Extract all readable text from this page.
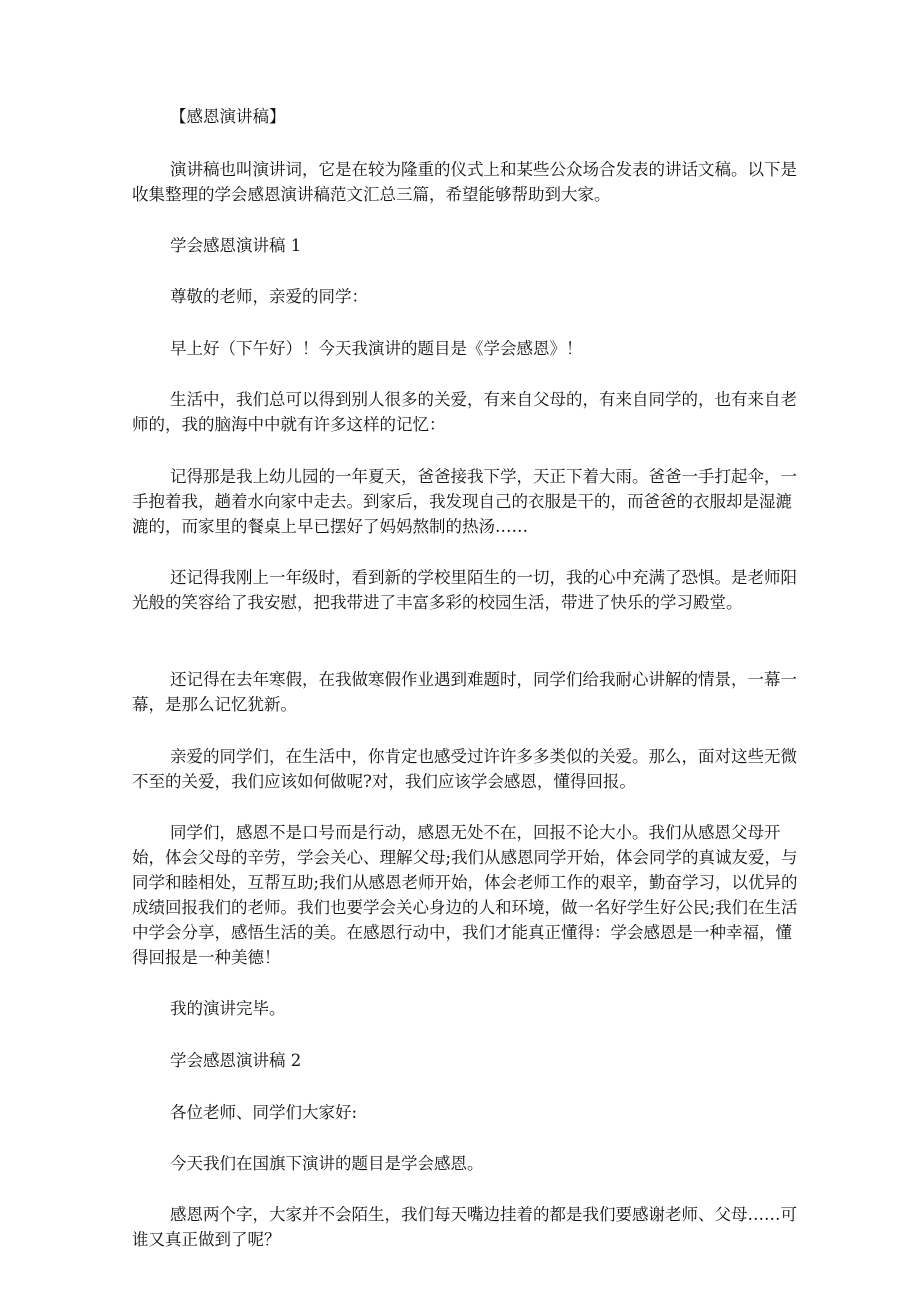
【感恩演讲稿】

演讲稿也叫演讲词，它是在较为隆重的仪式上和某些公众场合发表的讲话文稿。以下是收集整理的学会感恩演讲稿范文汇总三篇，希望能够帮助到大家。

学会感恩演讲稿 1

尊敬的老师，亲爱的同学：

早上好（下午好）！今天我演讲的题目是《学会感恩》！

生活中，我们总可以得到别人很多的关爱，有来自父母的，有来自同学的，也有来自老师的，我的脑海中中就有许多这样的记忆：

记得那是我上幼儿园的一年夏天，爸爸接我下学，天正下着大雨。爸爸一手打起伞，一手抱着我，趟着水向家中走去。到家后，我发现自己的衣服是干的，而爸爸的衣服却是湿漉漉的，而家里的餐桌上早已摆好了妈妈熬制的热汤……

还记得我刚上一年级时，看到新的学校里陌生的一切，我的心中充满了恐惧。是老师阳光般的笑容给了我安慰，把我带进了丰富多彩的校园生活，带进了快乐的学习殿堂。

还记得在去年寒假，在我做寒假作业遇到难题时，同学们给我耐心讲解的情景，一幕一幕，是那么记忆犹新。

亲爱的同学们，在生活中，你肯定也感受过许许多多类似的关爱。那么，面对这些无微不至的关爱，我们应该如何做呢?对，我们应该学会感恩，懂得回报。

同学们，感恩不是口号而是行动，感恩无处不在，回报不论大小。我们从感恩父母开始，体会父母的辛劳，学会关心、理解父母;我们从感恩同学开始，体会同学的真诚友爱，与同学和睦相处，互帮互助;我们从感恩老师开始，体会老师工作的艰辛，勤奋学习，以优异的成绩回报我们的老师。我们也要学会关心身边的人和环境，做一名好学生好公民;我们在生活中学会分享，感悟生活的美。在感恩行动中，我们才能真正懂得：学会感恩是一种幸福，懂得回报是一种美德！

我的演讲完毕。

学会感恩演讲稿 2

各位老师、同学们大家好:

今天我们在国旗下演讲的题目是学会感恩。

感恩两个字，大家并不会陌生，我们每天嘴边挂着的都是我们要感谢老师、父母……可谁又真正做到了呢？
